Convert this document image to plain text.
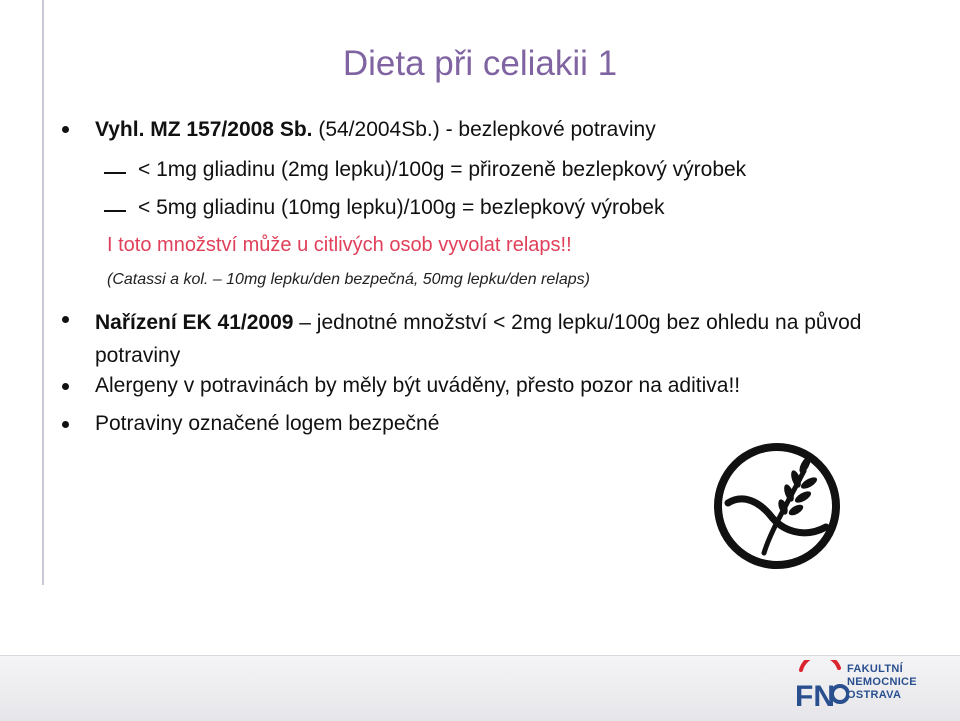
Dieta při celiakii 1
Vyhl. MZ 157/2008 Sb. (54/2004Sb.) - bezlepkové potraviny
< 1mg gliadinu (2mg lepku)/100g = přirozeně bezlepkový výrobek
< 5mg gliadinu (10mg lepku)/100g = bezlepkový výrobek
I toto množství může u citlivých osob vyvolat relaps!!
(Catassi a kol. – 10mg lepku/den bezpečná, 50mg lepku/den relaps)
Nařízení EK 41/2009 – jednotné množství < 2mg lepku/100g bez ohledu na původ potraviny
Alergeny v potravinách by měly být uváděny, přesto pozor na aditiva!!
Potraviny označené logem bezpečné
FN
FAKULTNÍ
NEMOCNICE
OSTRAVA
